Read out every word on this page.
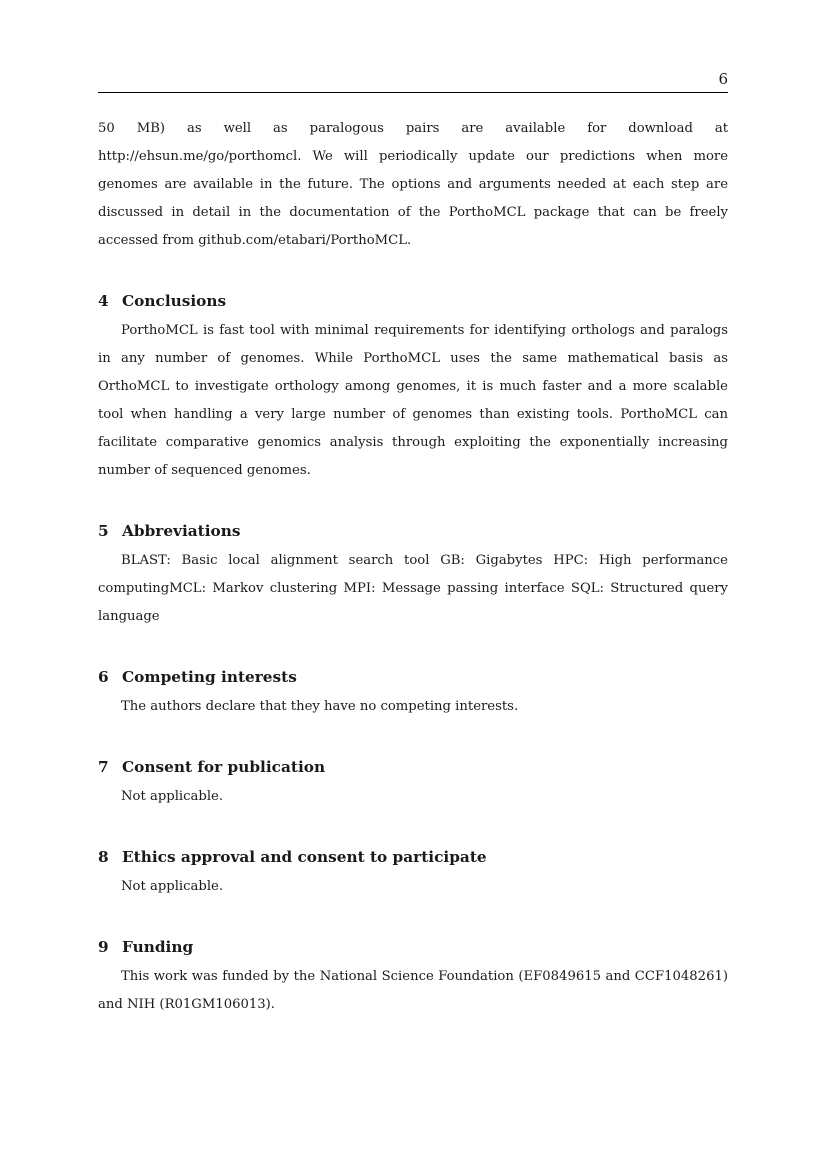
6

50 MB) as well as paralogous pairs are available for download at http://ehsun.me/go/porthomcl. We will periodically update our predictions when more genomes are available in the future. The options and arguments needed at each step are discussed in detail in the documentation of the PorthoMCL package that can be freely accessed from github.com/etabari/PorthoMCL.

4 Conclusions

PorthoMCL is fast tool with minimal requirements for identifying orthologs and paralogs in any number of genomes. While PorthoMCL uses the same mathematical basis as OrthoMCL to investigate orthology among genomes, it is much faster and a more scalable tool when handling a very large number of genomes than existing tools. PorthoMCL can facilitate comparative genomics analysis through exploiting the exponentially increasing number of sequenced genomes.

5 Abbreviations

BLAST: Basic local alignment search tool GB: Gigabytes HPC: High performance computingMCL: Markov clustering MPI: Message passing interface SQL: Structured query language

6 Competing interests

The authors declare that they have no competing interests.

7 Consent for publication

Not applicable.

8 Ethics approval and consent to participate

Not applicable.

9 Funding

This work was funded by the National Science Foundation (EF0849615 and CCF1048261) and NIH (R01GM106013).
